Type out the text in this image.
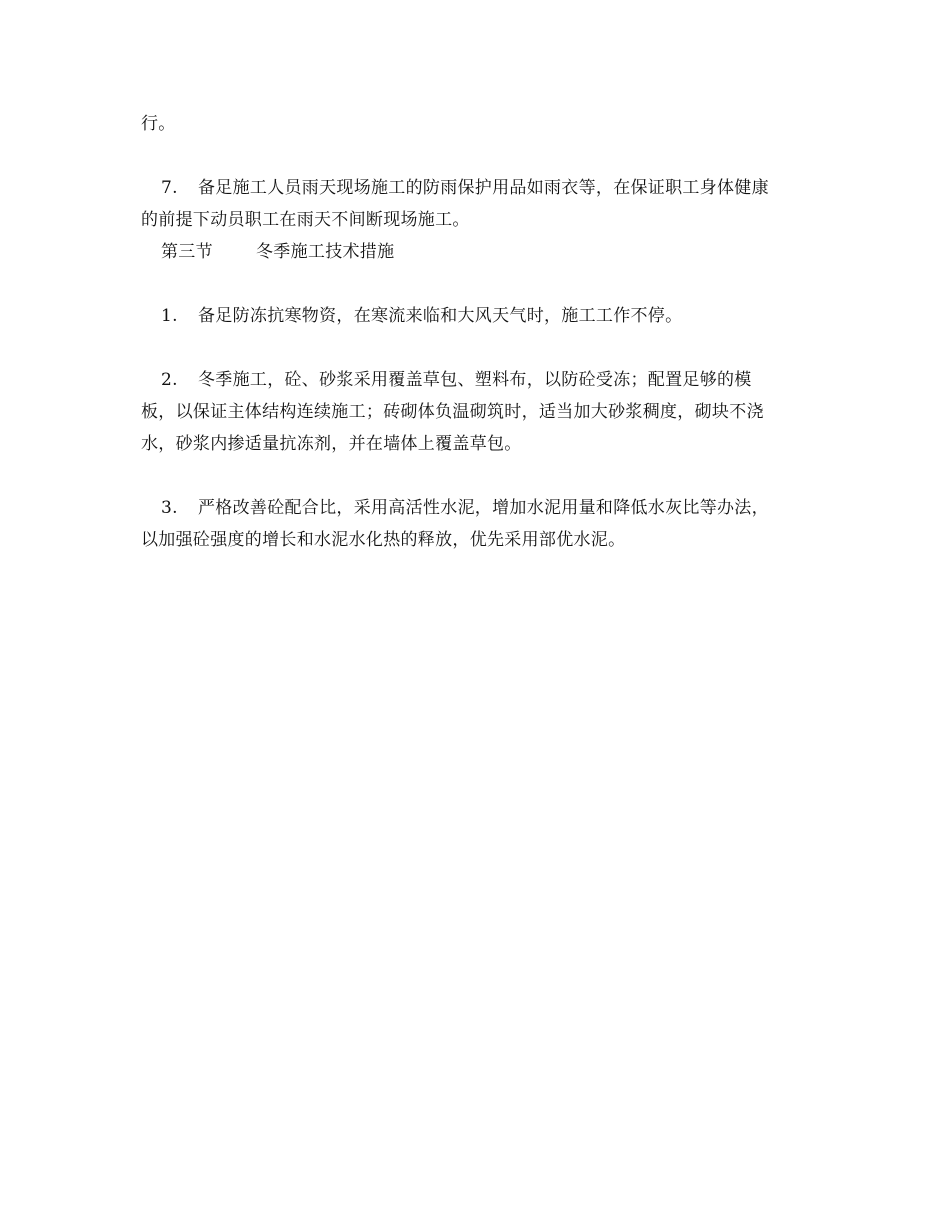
行。

7. 备足施工人员雨天现场施工的防雨保护用品如雨衣等，在保证职工身体健康
的前提下动员职工在雨天不间断现场施工。

第三节	冬季施工技术措施

1. 备足防冻抗寒物资，在寒流来临和大风天气时，施工工作不停。

2. 冬季施工，砼、砂浆采用覆盖草包、塑料布，以防砼受冻；配置足够的模
板，以保证主体结构连续施工；砖砌体负温砌筑时，适当加大砂浆稠度，砌块不浇
水，砂浆内掺适量抗冻剂，并在墙体上覆盖草包。

3. 严格改善砼配合比，采用高活性水泥，增加水泥用量和降低水灰比等办法，
以加强砼强度的增长和水泥水化热的释放，优先采用部优水泥。
